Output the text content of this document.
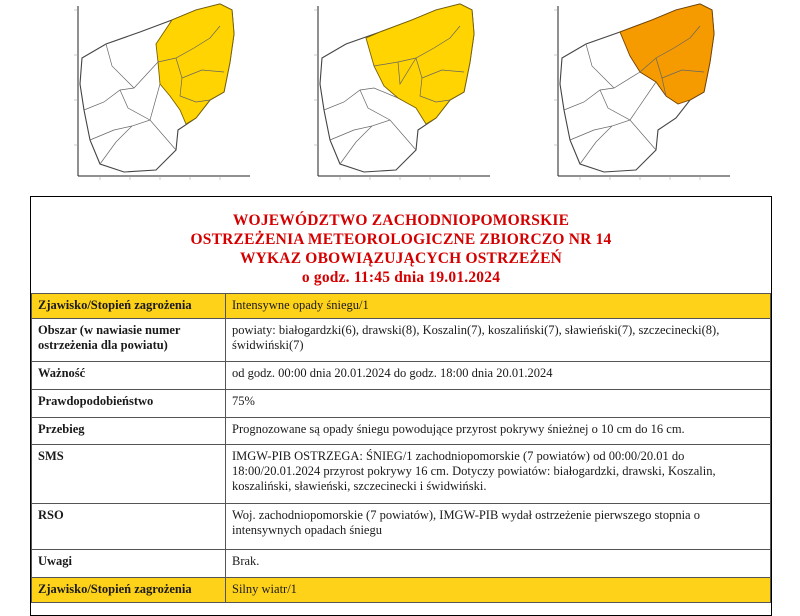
WOJEWÓDZTWO ZACHODNIOPOMORSKIE
OSTRZEŻENIA METEOROLOGICZNE ZBIORCZO NR 14
WYKAZ OBOWIĄZUJĄCYCH OSTRZEŻEŃ
o godz. 11:45 dnia 19.01.2024
Zjawisko/Stopień zagrożenia	Intensywne opady śniegu/1
Obszar (w nawiasie numer ostrzeżenia dla powiatu)	powiaty: białogardzki(6), drawski(8), Koszalin(7), koszaliński(7), sławieński(7), szczecinecki(8), świdwiński(7)
Ważność	od godz. 00:00 dnia 20.01.2024 do godz. 18:00 dnia 20.01.2024
Prawdopodobieństwo	75%
Przebieg	Prognozowane są opady śniegu powodujące przyrost pokrywy śnieżnej o 10 cm do 16 cm.
SMS	IMGW-PIB OSTRZEGA: ŚNIEG/1 zachodniopomorskie (7 powiatów) od 00:00/20.01 do 18:00/20.01.2024 przyrost pokrywy 16 cm. Dotyczy powiatów: białogardzki, drawski, Koszalin, koszaliński, sławieński, szczecinecki i świdwiński.
RSO	Woj. zachodniopomorskie (7 powiatów), IMGW-PIB wydał ostrzeżenie pierwszego stopnia o intensywnych opadach śniegu
Uwagi	Brak.
Zjawisko/Stopień zagrożenia	Silny wiatr/1
